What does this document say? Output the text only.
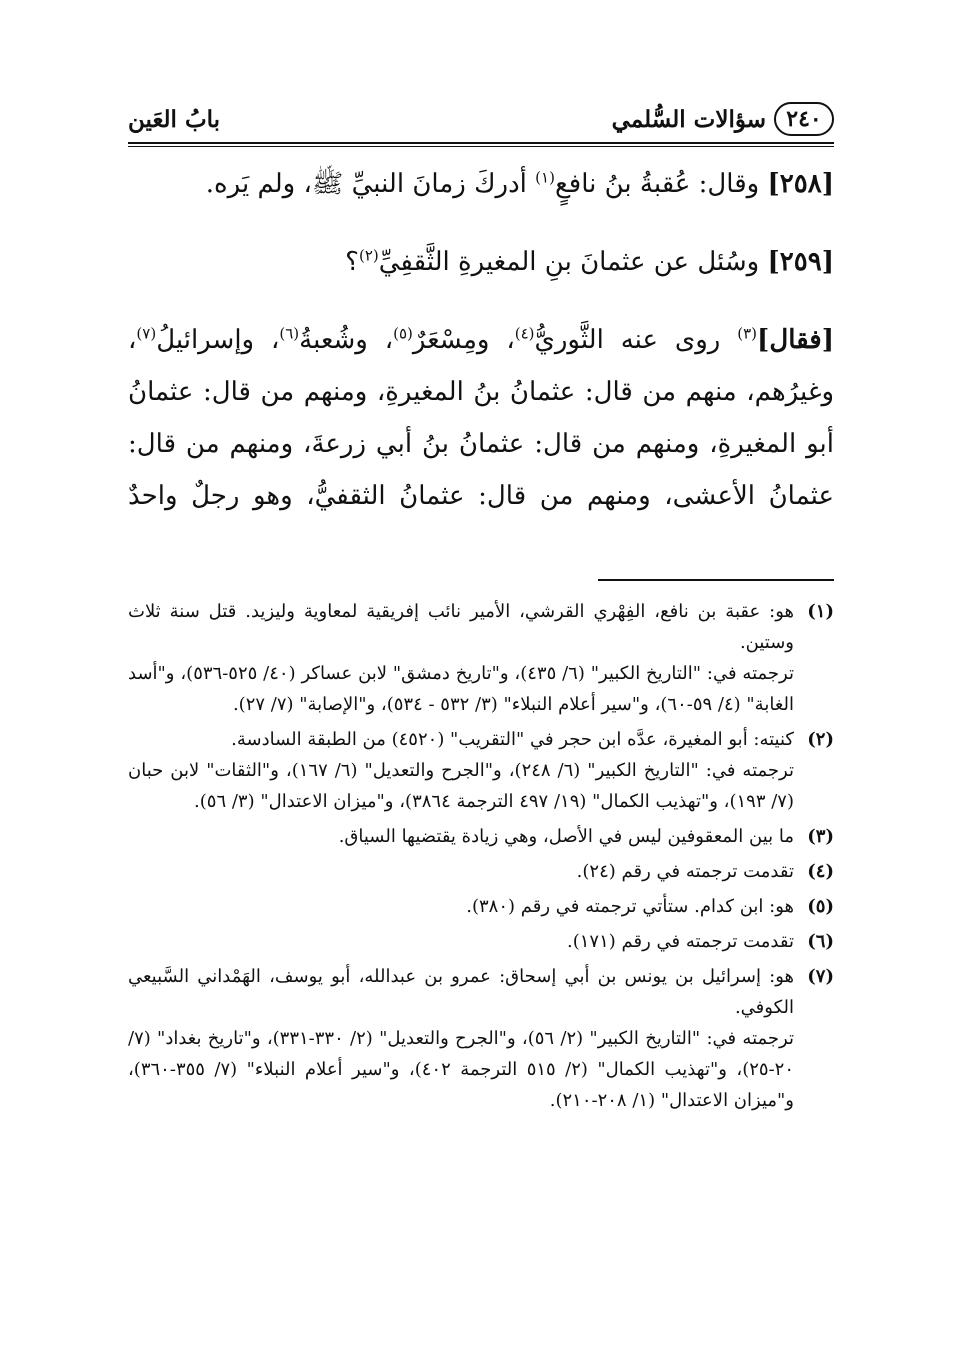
٢٤٠
سؤالات السُّلمي
بابُ العَين

[٢٥٨] وقال: عُقبةُ بنُ نافعٍ$^{(١)}$ أدركَ زمانَ النبيِّ ﷺ، ولم يَره.

[٢٥٩] وسُئل عن عثمانَ بنِ المغيرةِ الثَّقفِيِّ$^{(٢)}$؟

[فقال]$^{(٣)}$ روى عنه الثَّوريُّ$^{(٤)}$، ومِسْعَرٌ$^{(٥)}$، وشُعبةُ$^{(٦)}$، وإسرائيلُ$^{(٧)}$، وغيرُهم، منهم من قال: عثمانُ بنُ المغيرةِ، ومنهم من قال: عثمانُ أبو المغيرةِ، ومنهم من قال: عثمانُ بنُ أبي زرعةَ، ومنهم من قال: عثمانُ الأعشى، ومنهم من قال: عثمانُ الثقفيُّ، وهو رجلٌ واحدٌ

(١)

هو: عقبة بن نافع، الفِهْري القرشي، الأمير نائب إفريقية لمعاوية وليزيد. قتل سنة ثلاث وستين.

ترجمته في: "التاريخ الكبير" (٦/ ٤٣٥)، و"تاريخ دمشق" لابن عساكر (٤٠/ ٥٢٥-٥٣٦)، و"أسد الغابة" (٤/ ٥٩-٦٠)، و"سير أعلام النبلاء" (٣/ ٥٣٢ - ٥٣٤)، و"الإصابة" (٧/ ٢٧).

(٢)

كنيته: أبو المغيرة، عدَّه ابن حجر في "التقريب" (٤٥٢٠) من الطبقة السادسة.

ترجمته في: "التاريخ الكبير" (٦/ ٢٤٨)، و"الجرح والتعديل" (٦/ ١٦٧)، و"الثقات" لابن حبان (٧/ ١٩٣)، و"تهذيب الكمال" (١٩/ ٤٩٧ الترجمة ٣٨٦٤)، و"ميزان الاعتدال" (٣/ ٥٦).

(٣)

ما بين المعقوفين ليس في الأصل، وهي زيادة يقتضيها السياق.

(٤)

تقدمت ترجمته في رقم (٢٤).

(٥)

هو: ابن كدام. ستأتي ترجمته في رقم (٣٨٠).

(٦)

تقدمت ترجمته في رقم (١٧١).

(٧)

هو: إسرائيل بن يونس بن أبي إسحاق: عمرو بن عبدالله، أبو يوسف، الهَمْداني السَّبيعي الكوفي.

ترجمته في: "التاريخ الكبير" (٢/ ٥٦)، و"الجرح والتعديل" (٢/ ٣٣٠-٣٣١)، و"تاريخ بغداد" (٧/ ٢٠-٢٥)، و"تهذيب الكمال" (٢/ ٥١٥ الترجمة ٤٠٢)، و"سير أعلام النبلاء" (٧/ ٣٥٥-٣٦٠)، و"ميزان الاعتدال" (١/ ٢٠٨-٢١٠).
